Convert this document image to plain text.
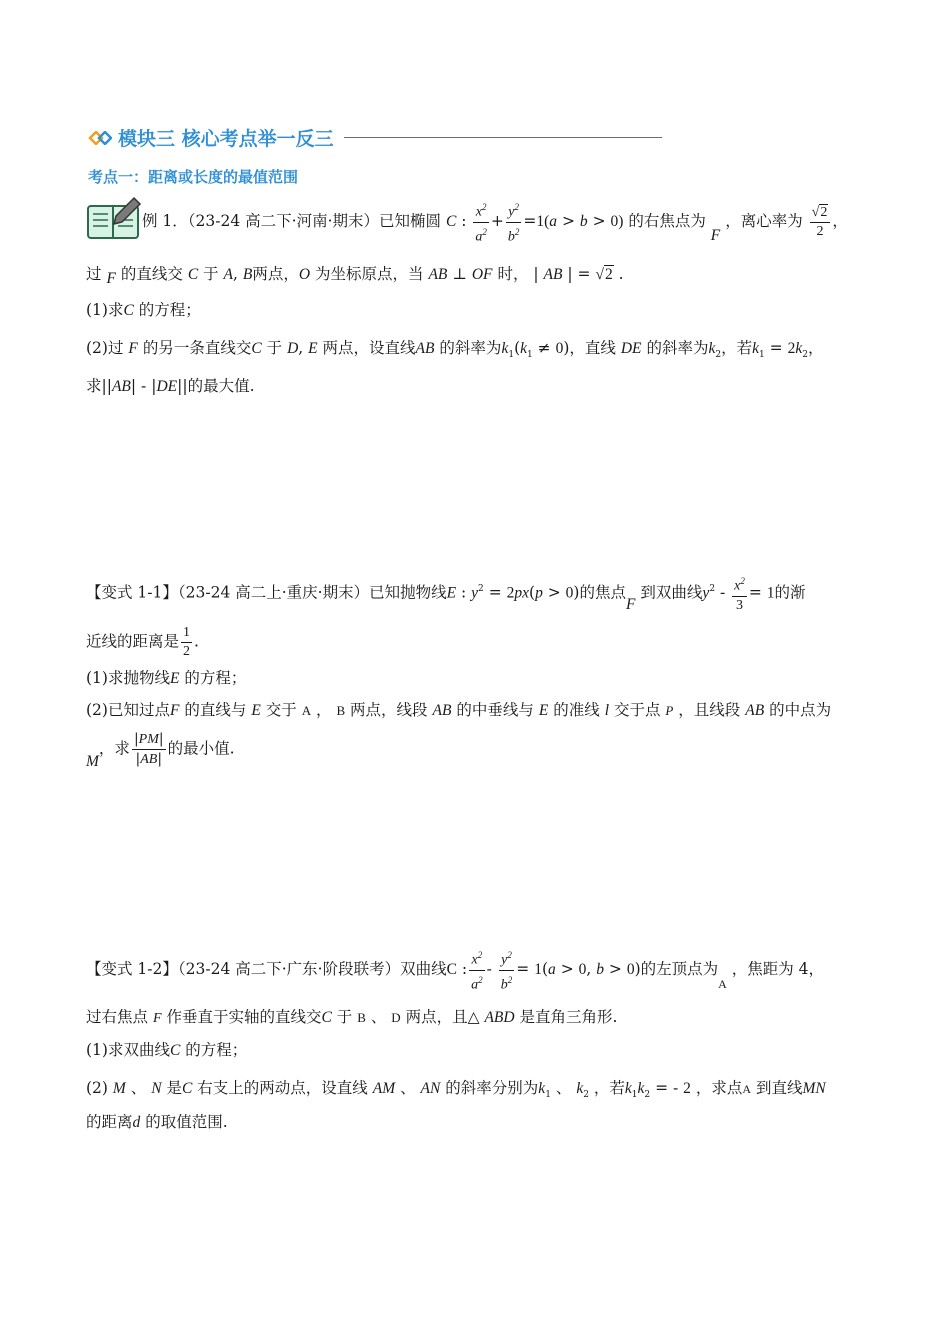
模块三 核心考点举一反三
考点一：距离或长度的最值范围
例 1．（23-24 高二下·河南·期末）已知椭圆 C : $\frac{x^2}{a^2} + \frac{y^2}{b^2} =1(a > b > 0)$ 的右焦点为 F ，离心率为 $\frac{√2}{2}$ ，
过 F 的直线交 C 于 A, B两点，O 为坐标原点，当 AB ⊥ OF 时， | AB | = √2 .
(1)求C 的方程；
(2)过 F 的另一条直线交C 于 D, E 两点，设直线AB 的斜率为$k_1(k_1 \ne 0)$，直线 DE 的斜率为$k_2$，若$k_1 = 2k_2$，
求||AB| - |DE||的最大值.
【变式 1-1】（23-24 高二上·重庆·期末）已知抛物线E : $y^2 = 2px(p > 0)$的焦点F 到双曲线$y^2 - \frac{x^2}{3} = 1$的渐
近线的距离是 $\frac{1}{2}$ .
(1)求抛物线E 的方程；
(2)已知过点F 的直线与 E 交于 A ， B 两点，线段 AB 的中垂线与 E 的准线 l 交于点 P ，且线段 AB 的中点为
M，求 $\frac{|PM|}{|AB|}$ 的最小值.
【变式 1-2】（23-24 高二下·广东·阶段联考）双曲线C : $\frac{x^2}{a^2} - \frac{y^2}{b^2} = 1(a > 0$, b > 0)的左顶点为$_A$ ，焦距为 4，
过右焦点 F 作垂直于实轴的直线交C 于 B 、 D 两点，且△ ABD 是直角三角形.
(1)求双曲线C 的方程；
(2) M 、 N 是C 右支上的两动点，设直线 AM 、 AN 的斜率分别为$k_1$ 、 $k_2$ ，若$k_1k_2$ = - 2 ，求点A 到直线MN
的距离d 的取值范围.
